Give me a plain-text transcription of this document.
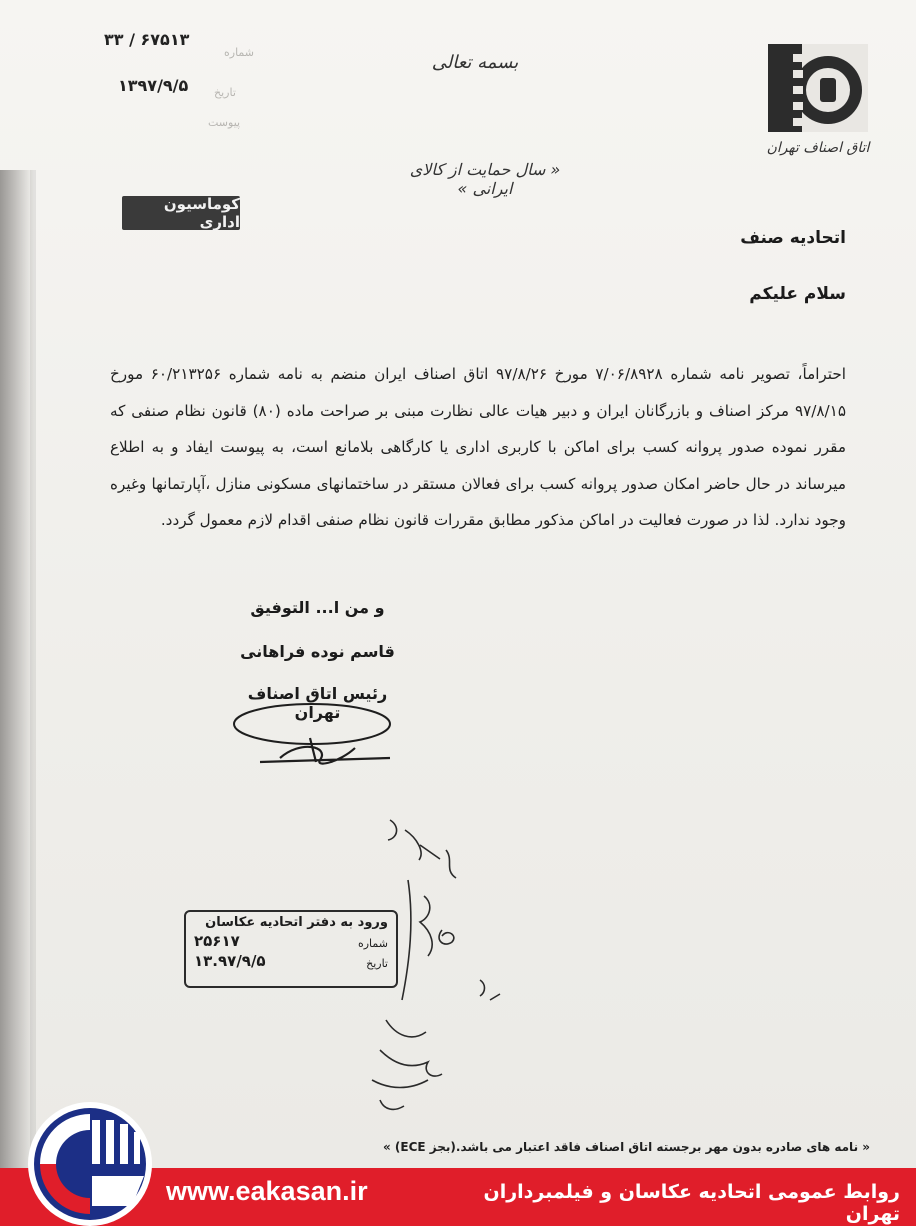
اتاق اصناف تهران
بسمه تعالی
۳۳ / ۶۷۵۱۳
شماره
۱۳۹۷/۹/۵ تاریخ
پیوست
« سال حمایت از کالای ایرانی »
کوماسیون اداری
اتحادیه صنف
سلام علیکم
احتراماً، تصویر نامه شماره ۷/۰۶/۸۹۲۸ مورخ ۹۷/۸/۲۶ اتاق اصناف ایران منضم به نامه شماره ۶۰/۲۱۳۲۵۶ مورخ ۹۷/۸/۱۵ مرکز اصناف و بازرگانان ایران و دبیر هیات عالی نظارت مبنی بر صراحت ماده (۸۰) قانون نظام صنفی که مقرر نموده صدور پروانه کسب برای اماکن با کاربری اداری یا کارگاهی بلامانع است، به پیوست ایفاد و به اطلاع میرساند در حال حاضر امکان صدور پروانه کسب برای فعالان مستقر در ساختمانهای مسکونی منازل ،آپارتمانها وغیره وجود ندارد. لذا در صورت فعالیت در اماکن مذکور مطابق مقررات قانون نظام صنفی اقدام لازم معمول گردد.
و من ا... التوفیق
قاسم نوده فراهانی
رئیس اتاق اصناف تهران
ورود به دفتر اتحادیه عکاسان
شماره
۲۵۶۱۷
تاریخ
۱۳.۹۷/۹/۵
« نامه های صادره بدون مهر برجسته اتاق اصناف فاقد اعتبار می باشد.(بجز ECE) »
www.eakasan.ir	روابط عمومی اتحادیه عکاسان و فیلمبرداران تهران
